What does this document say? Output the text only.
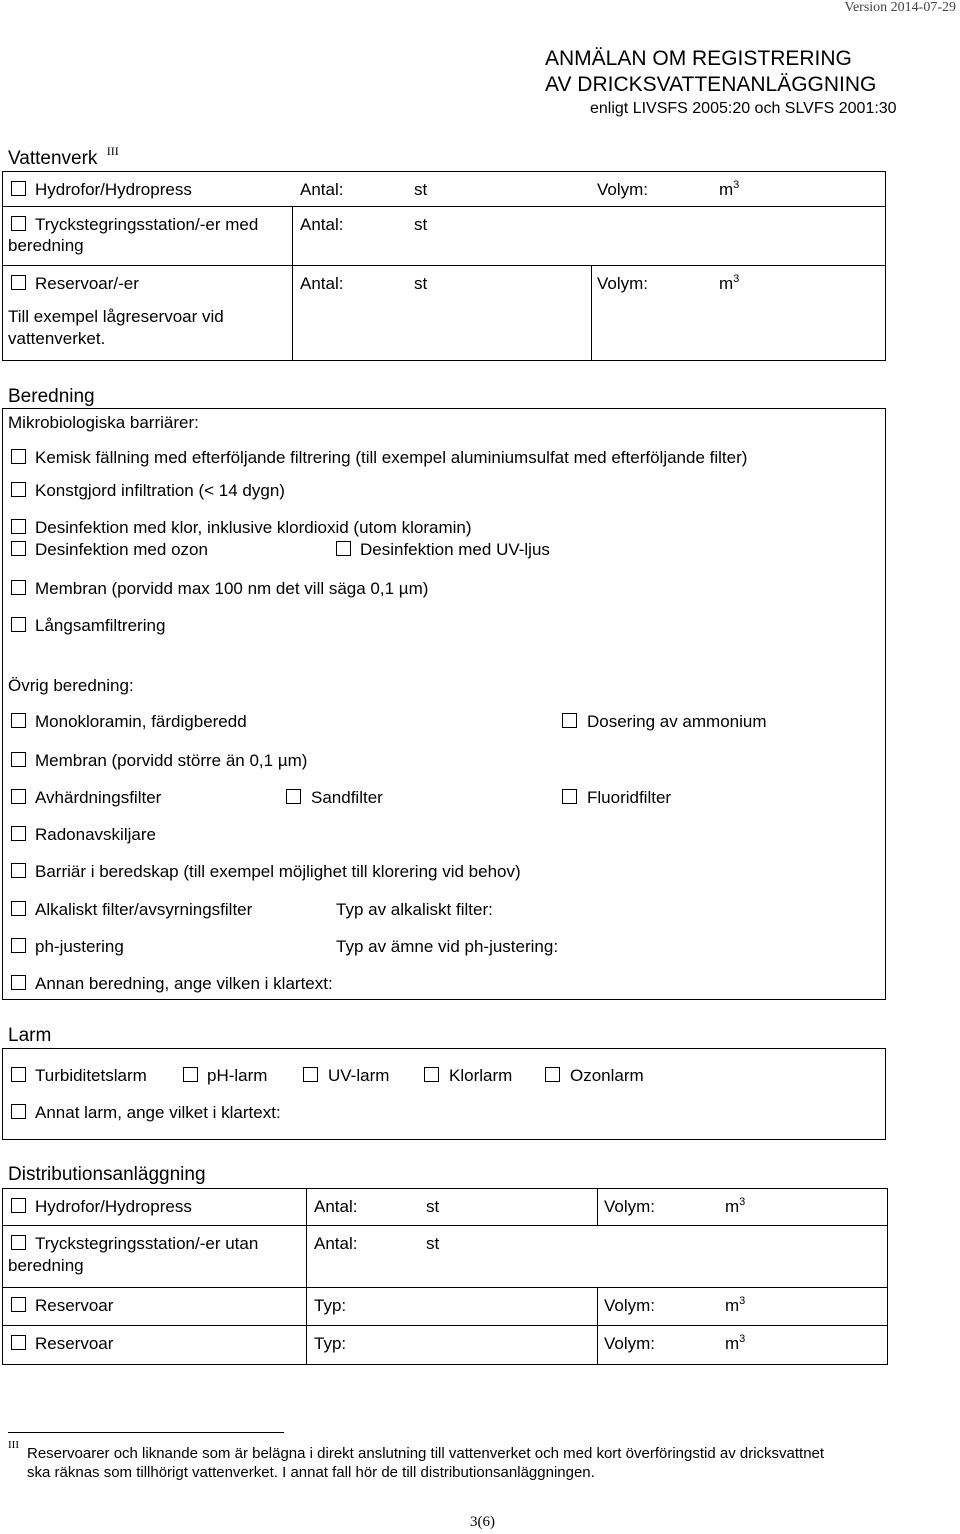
Version 2014-07-29
ANMÄLAN OM REGISTRERING
AV DRICKSVATTENANLÄGGNING
enligt LIVSFS 2005:20 och SLVFS 2001:30
Vattenverk $^{III}$
Hydrofor/Hydropress	Antal:	st	Volym:	$m^3$
Tryckstegringsstation/-er med
beredning
Antal:	st
Reservoar/-er
Till exempel lågreservoar vid
vattenverket.
Antal:	st	Volym:	$m^3$
Beredning
Mikrobiologiska barriärer:
Kemisk fällning med efterföljande filtrering (till exempel aluminiumsulfat med efterföljande filter)
Konstgjord infiltration (< 14 dygn)
Desinfektion med klor, inklusive klordioxid (utom kloramin)
Desinfektion med ozon	Desinfektion med UV-ljus
Membran (porvidd max 100 nm det vill säga 0,1 µm)
Långsamfiltrering
Övrig beredning:
Monokloramin, färdigberedd	Dosering av ammonium
Membran (porvidd större än 0,1 µm)
Avhärdningsfilter	Sandfilter	Fluoridfilter
Radonavskiljare
Barriär i beredskap (till exempel möjlighet till klorering vid behov)
Alkaliskt filter/avsyrningsfilter	Typ av alkaliskt filter:
ph-justering	Typ av ämne vid ph-justering:
Annan beredning, ange vilken i klartext:
Larm
Turbiditetslarm	pH-larm	UV-larm	Klorlarm	Ozonlarm
Annat larm, ange vilket i klartext:
Distributionsanläggning
Hydrofor/Hydropress	Antal:	st	Volym:	$m^3$
Tryckstegringsstation/-er utan
beredning
Antal:	st
Reservoar	Typ:	Volym:	$m^3$
Reservoar	Typ:	Volym:	$m^3$
III Reservoarer och liknande som är belägna i direkt anslutning till vattenverket och med kort överföringstid av dricksvattnet
ska räknas som tillhörigt vattenverket. I annat fall hör de till distributionsanläggningen.
3(6)
